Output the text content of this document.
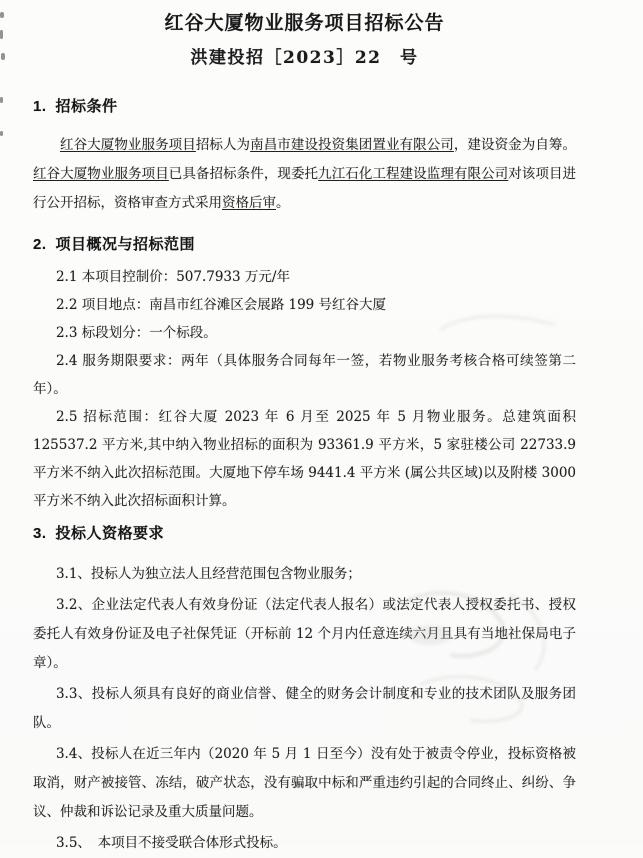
红谷大厦物业服务项目招标公告
洪建投招［2023］22　号
1. 招标条件

红谷大厦物业服务项目招标人为南昌市建设投资集团置业有限公司，建设资金为自筹。红谷大厦物业服务项目已具备招标条件，现委托九江石化工程建设监理有限公司对该项目进行公开招标，资格审查方式采用资格后审。

2. 项目概况与招标范围

2.1 本项目控制价：507.7933 万元/年

2.2 项目地点：南昌市红谷滩区会展路 199 号红谷大厦

2.3 标段划分：一个标段。

2.4 服务期限要求：两年（具体服务合同每年一签，若物业服务考核合格可续签第二年）。

2.5 招标范围：红谷大厦 2023 年 6 月至 2025 年 5 月物业服务。总建筑面积 125537.2 平方米,其中纳入物业招标的面积为 93361.9 平方米，5 家驻楼公司 22733.9 平方米不纳入此次招标范围。大厦地下停车场 9441.4 平方米 (属公共区域)以及附楼 3000 平方米不纳入此次招标面积计算。

3. 投标人资格要求

3.1、投标人为独立法人且经营范围包含物业服务；

3.2、企业法定代表人有效身份证（法定代表人报名）或法定代表人授权委托书、授权委托人有效身份证及电子社保凭证（开标前 12 个月内任意连续六月且具有当地社保局电子章）。

3.3、投标人须具有良好的商业信誉、健全的财务会计制度和专业的技术团队及服务团队。

3.4、投标人在近三年内（2020 年 5 月 1 日至今）没有处于被责令停业，投标资格被取消，财产被接管、冻结，破产状态，没有骗取中标和严重违约引起的合同终止、纠纷、争议、仲裁和诉讼记录及重大质量问题。

3.5、　本项目不接受联合体形式投标。
